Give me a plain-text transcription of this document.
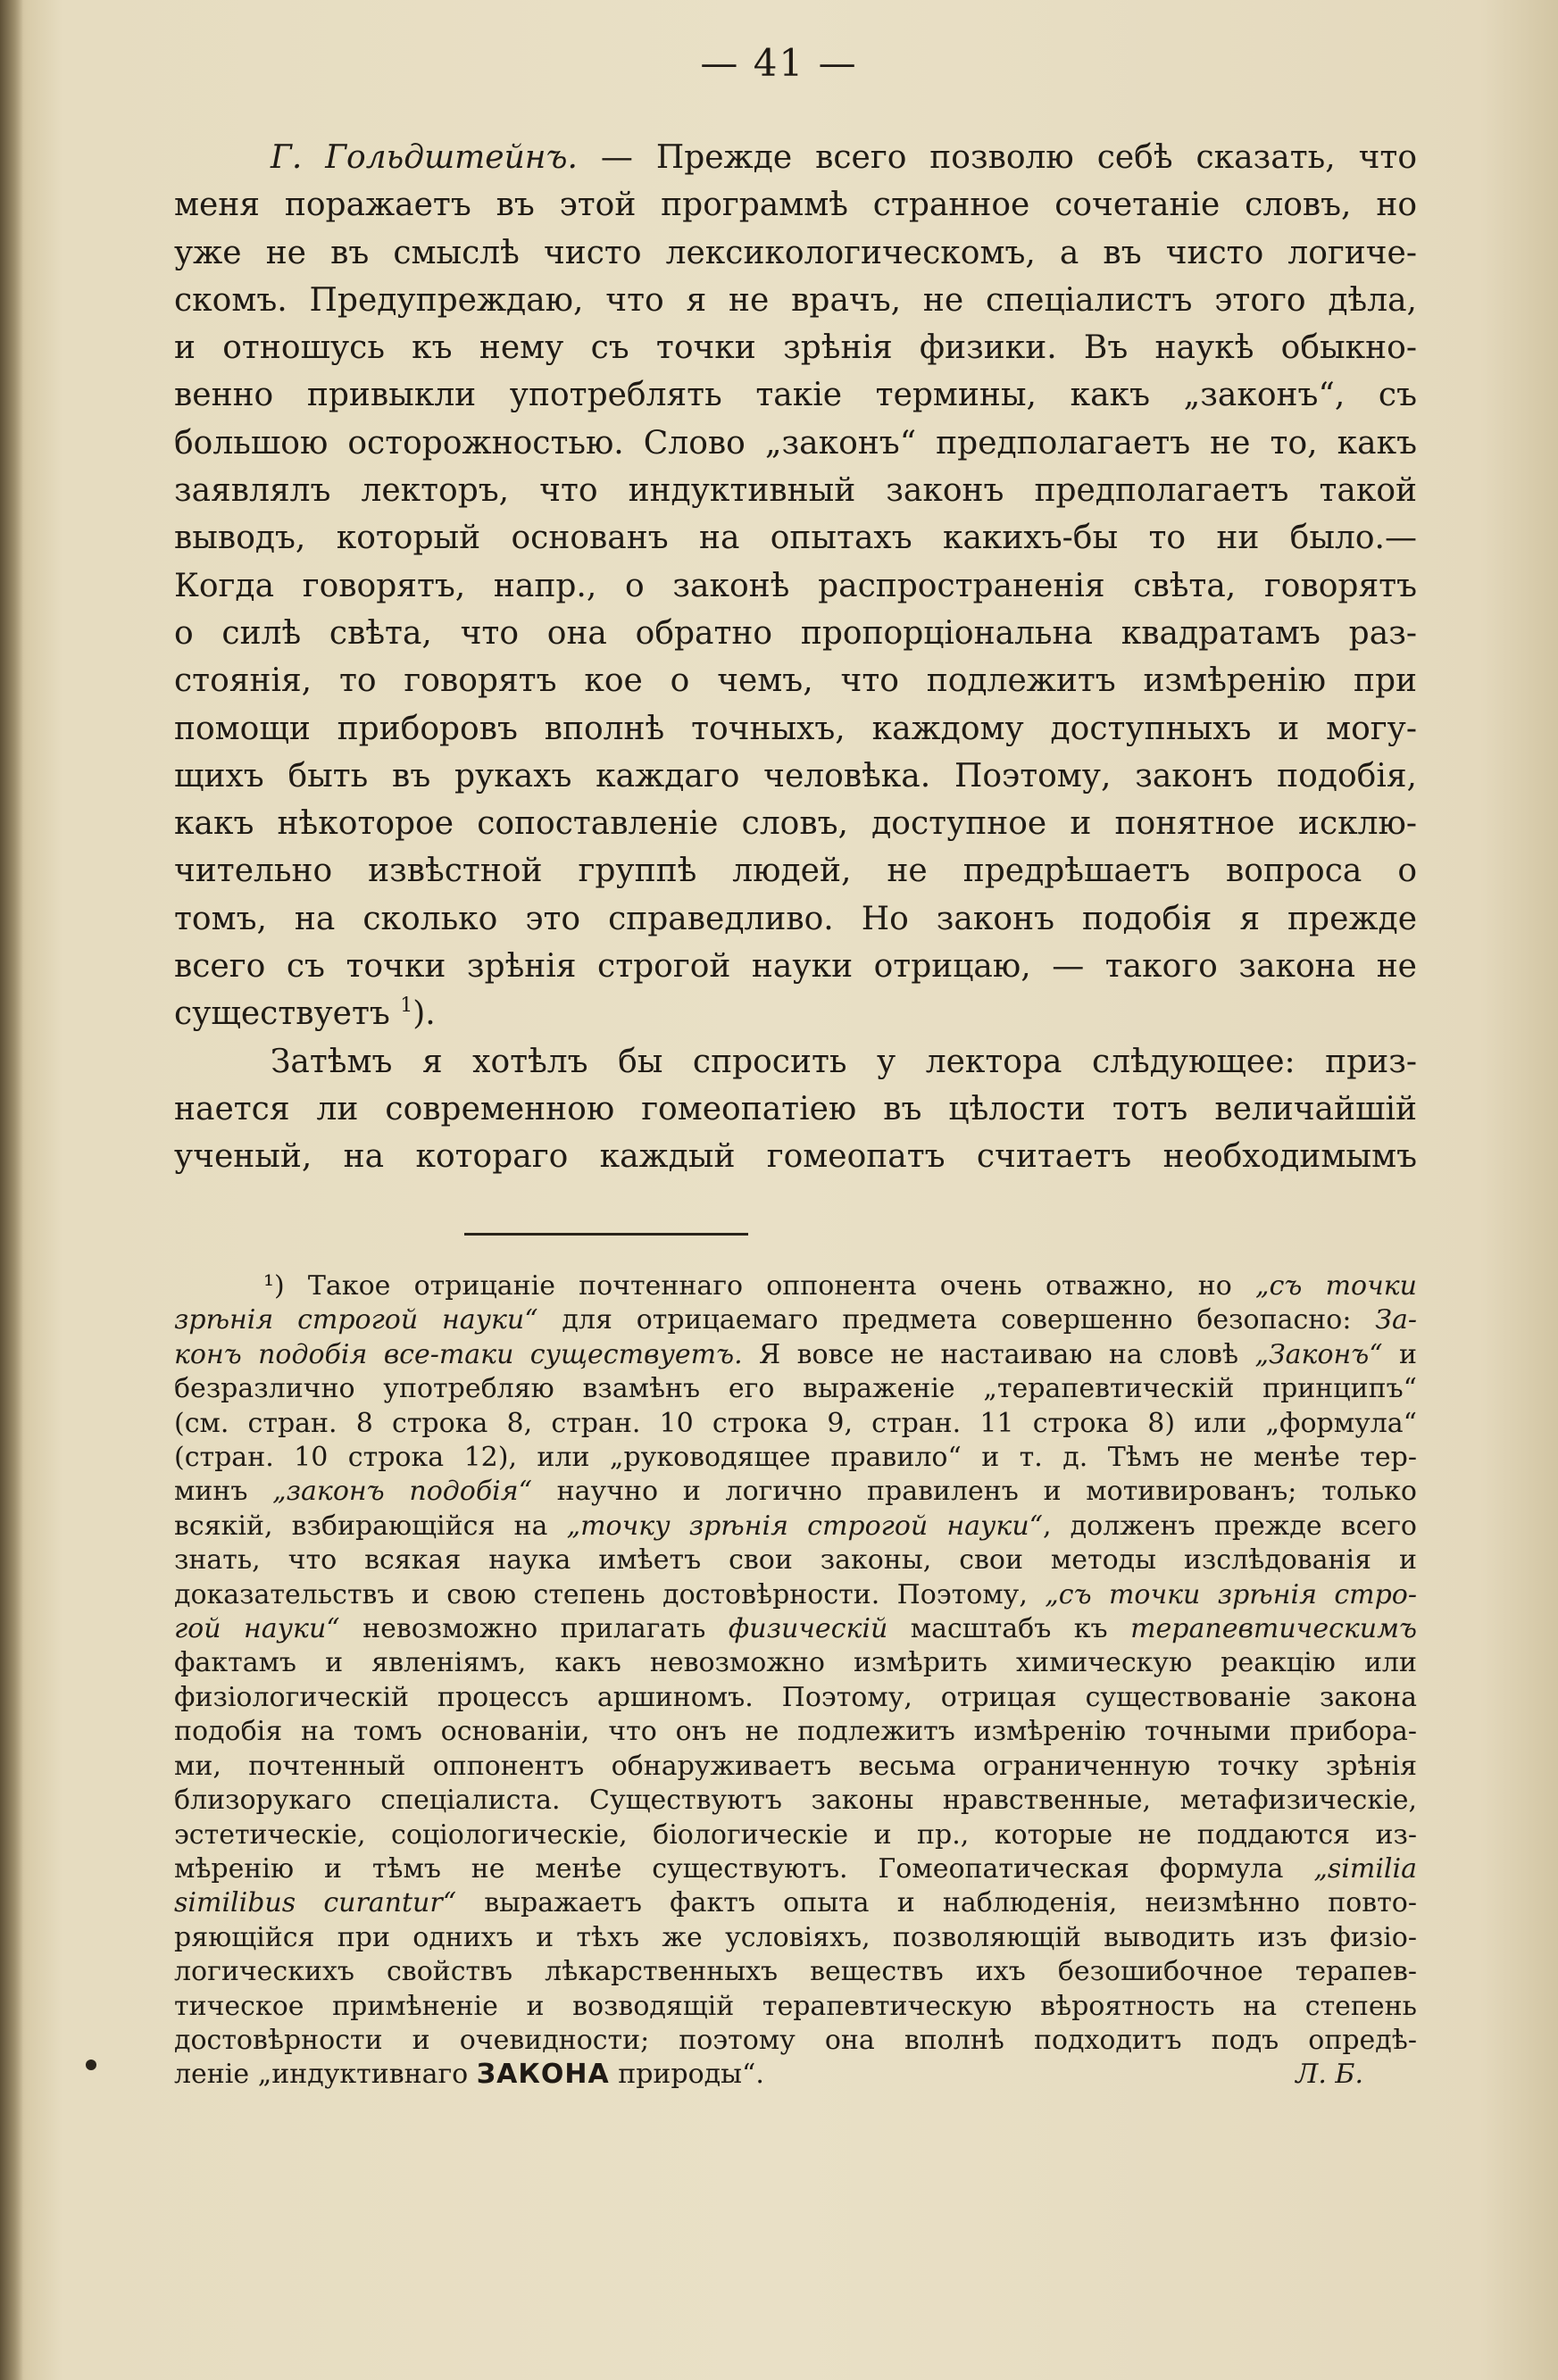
— 41 —
Г. Гольдштейнъ. — Прежде всего позволю себѣ сказать, что
меня поражаетъ въ этой программѣ странное сочетанiе словъ, но
уже не въ смыслѣ чисто лексикологическомъ, а въ чисто логиче-
скомъ. Предупреждаю, что я не врачъ, не спецiалистъ этого дѣла,
и отношусь къ нему съ точки зрѣнiя физики. Въ наукѣ обыкно-
венно привыкли употреблять такiе термины, какъ „законъ“, съ
большою осторожностью. Слово „законъ“ предполагаетъ не то, какъ
заявлялъ лекторъ, что индуктивный законъ предполагаетъ такой
выводъ, который основанъ на опытахъ какихъ-бы то ни было.—
Когда говорятъ, напр., о законѣ распространенiя свѣта, говорятъ
о силѣ свѣта, что она обратно пропорцiональна квадратамъ раз-
стоянiя, то говорятъ кое о чемъ, что подлежитъ измѣренiю при
помощи приборовъ вполнѣ точныхъ, каждому доступныхъ и могу-
щихъ быть въ рукахъ каждаго человѣка. Поэтому, законъ подобiя,
какъ нѣкоторое сопоставленiе словъ, доступное и понятное исклю-
чительно извѣстной группѣ людей, не предрѣшаетъ вопроса о
томъ, на сколько это справедливо. Но законъ подобiя я прежде
всего съ точки зрѣнiя строгой науки отрицаю, — такого закона не
существуетъ $^1$).
Затѣмъ я хотѣлъ бы спросить у лектора слѣдующее: приз-
нается ли современною гомеопатiею въ цѣлости тотъ величайшiй
ученый, на котораго каждый гомеопатъ считаетъ необходимымъ
¹) Такое отрицанiе почтеннаго оппонента очень отважно, но „съ точки
зрѣнiя строгой науки“ для отрицаемаго предмета совершенно безопасно: За-
конъ подобiя все-таки существуетъ. Я вовсе не настаиваю на словѣ „Законъ“ и
безразлично употребляю взамѣнъ его выраженiе „терапевтическiй принципъ“
(см. стран. 8 строка 8, стран. 10 строка 9, стран. 11 строка 8) или „формула“
(стран. 10 строка 12), или „руководящее правило“ и т. д. Тѣмъ не менѣе тер-
минъ „законъ подобiя“ научно и логично правиленъ и мотивированъ; только
всякiй, взбирающiйся на „точку зрѣнiя строгой науки“, долженъ прежде всего
знать, что всякая наука имѣетъ свои законы, свои методы изслѣдованiя и
доказательствъ и свою степень достовѣрности. Поэтому, „съ точки зрѣнiя стро-
гой науки“ невозможно прилагать физическiй масштабъ къ терапевтическимъ
фактамъ и явленiямъ, какъ невозможно измѣрить химическую реакцiю или
физiологическiй процессъ аршиномъ. Поэтому, отрицая существованiе закона
подобiя на томъ основанiи, что онъ не подлежитъ измѣренiю точными прибора-
ми, почтенный оппонентъ обнаруживаетъ весьма ограниченную точку зрѣнiя
близорукаго спецiалиста. Существуютъ законы нравственные, метафизическiе,
эстетическiе, соцiологическiе, бiологическiе и пр., которые не поддаются из-
мѣренiю и тѣмъ не менѣе существуютъ. Гомеопатическая формула „similia
similibus curantur“ выражаетъ фактъ опыта и наблюденiя, неизмѣнно повто-
ряющiйся при одниxъ и тѣхъ же условiяхъ, позволяющiй выводить изъ физiо-
логическихъ свойствъ лѣкарственныхъ веществъ ихъ безошибочное терапев-
тическое примѣненiе и возводящiй терапевтическую вѣроятность на степень
достовѣрности и очевидности; поэтому она вполнѣ подходитъ подъ опредѣ-
ленiе „индуктивнаго ЗАКОНА природы“.	Л. Б.
